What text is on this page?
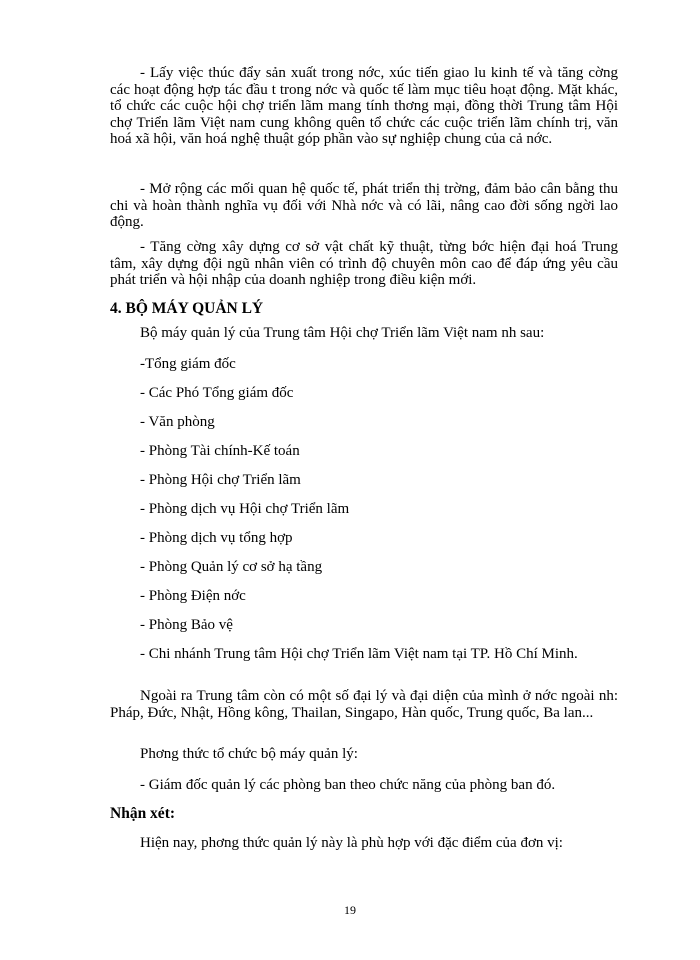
- Lấy việc thúc đẩy sản xuất trong nớc, xúc tiến giao lu kinh tế và tăng cờng các hoạt động hợp tác đầu t trong nớc và quốc tế làm mục tiêu hoạt động. Mặt khác, tổ chức các cuộc hội chợ triển lãm mang tính thơng mại, đồng thời Trung tâm Hội chợ Triển lãm Việt nam cung không quên tổ chức các cuộc triển lãm chính trị, văn hoá xã hội, văn hoá nghệ thuật góp phần vào sự nghiệp chung của cả nớc.

- Mở rộng các mối quan hệ quốc tế, phát triển thị trờng, đảm bảo cân bằng thu chi và hoàn thành nghĩa vụ đối với Nhà nớc và có lãi, nâng cao đời sống ngời lao động.

- Tăng cờng xây dựng cơ sở vật chất kỹ thuật, từng bớc hiện đại hoá Trung tâm, xây dựng đội ngũ nhân viên có trình độ chuyên môn cao để đáp ứng yêu cầu phát triển và hội nhập của doanh nghiệp trong điều kiện mới.

4. BỘ MÁY QUẢN LÝ
Bộ máy quản lý của Trung tâm Hội chợ Triển lãm Việt nam nh sau:
-Tổng giám đốc
- Các Phó Tổng giám đốc
- Văn phòng
- Phòng Tài chính-Kế toán
- Phòng Hội chợ Triển lãm
- Phòng dịch vụ Hội chợ Triển lãm
- Phòng dịch vụ tổng hợp
- Phòng Quản lý cơ sở hạ tầng
- Phòng Điện nớc
- Phòng Bảo vệ

- Chi nhánh Trung tâm Hội chợ Triển lãm Việt nam tại TP. Hồ Chí Minh.

Ngoài ra Trung tâm còn có một số đại lý và đại diện của mình ở nớc ngoài nh: Pháp, Đức, Nhật, Hồng kông, Thailan, Singapo, Hàn quốc, Trung quốc, Ba lan...

Phơng thức tổ chức bộ máy quản lý:
- Giám đốc quản lý các phòng ban theo chức năng của phòng ban đó.
Nhận xét:
Hiện nay, phơng thức quản lý này là phù hợp với đặc điểm của đơn vị:
19
